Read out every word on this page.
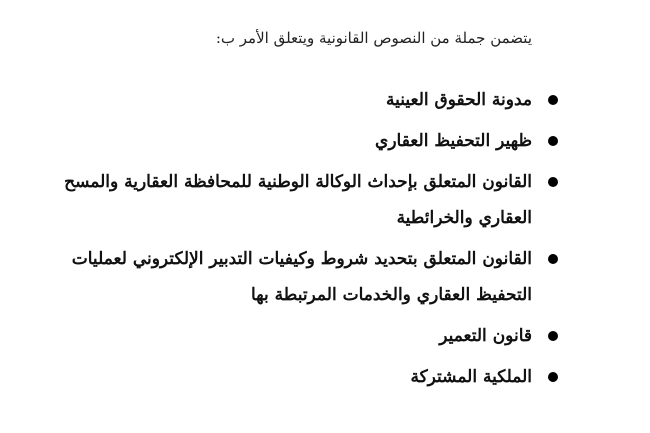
يتضمن جملة من النصوص القانونية ويتعلق الأمر ب:
مدونة الحقوق العينية
ظهير التحفيظ العقاري
القانون المتعلق بإحداث الوكالة الوطنية للمحافظة العقارية والمسح العقاري والخرائطية
القانون المتعلق بتحديد شروط وكيفيات التدبير الإلكتروني لعمليات التحفيظ العقاري والخدمات المرتبطة بها
قانون التعمير
الملكية المشتركة
